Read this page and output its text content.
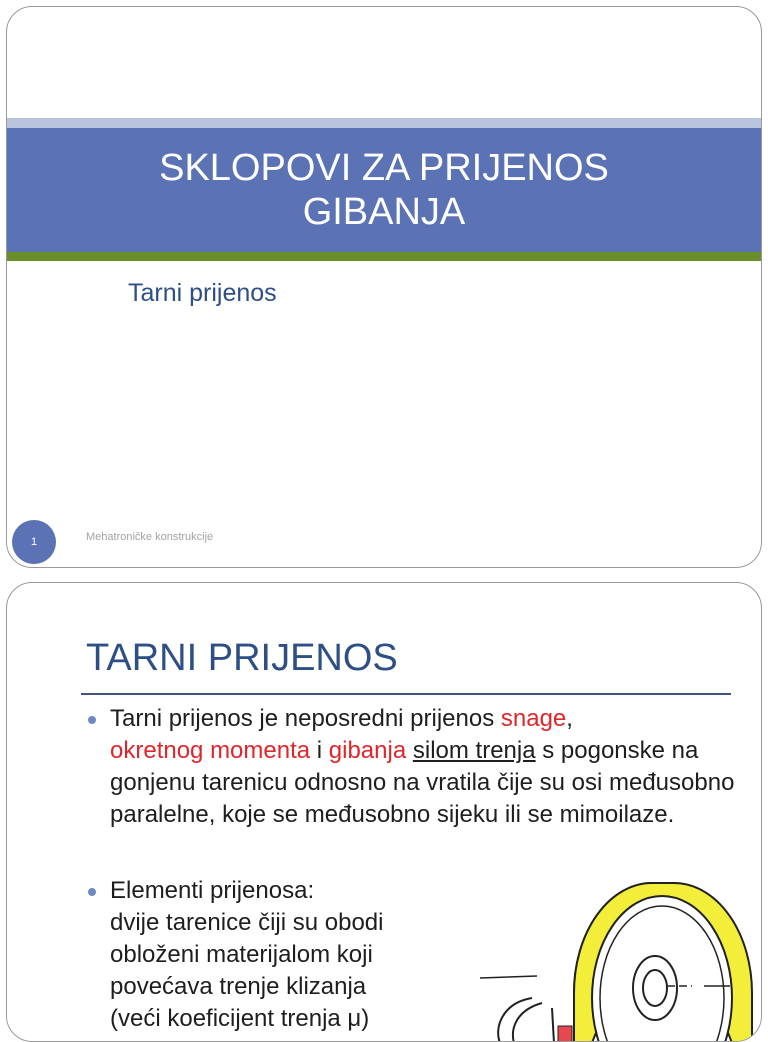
SKLOPOVI ZA PRIJENOS
GIBANJA
Tarni prijenos
1	Mehatroničke konstrukcije
TARNI PRIJENOS
Tarni prijenos je neposredni prijenos snage,
okretnog momenta i gibanja silom trenja s pogonske na gonjenu tarenicu odnosno na vratila čije su osi međusobno paralelne, koje se međusobno sijeku ili se mimoilaze.
Elementi prijenosa:
dvije tarenice čiji su obodi
obloženi materijalom koji
povećava trenje klizanja
(veći koeficijent trenja μ)
